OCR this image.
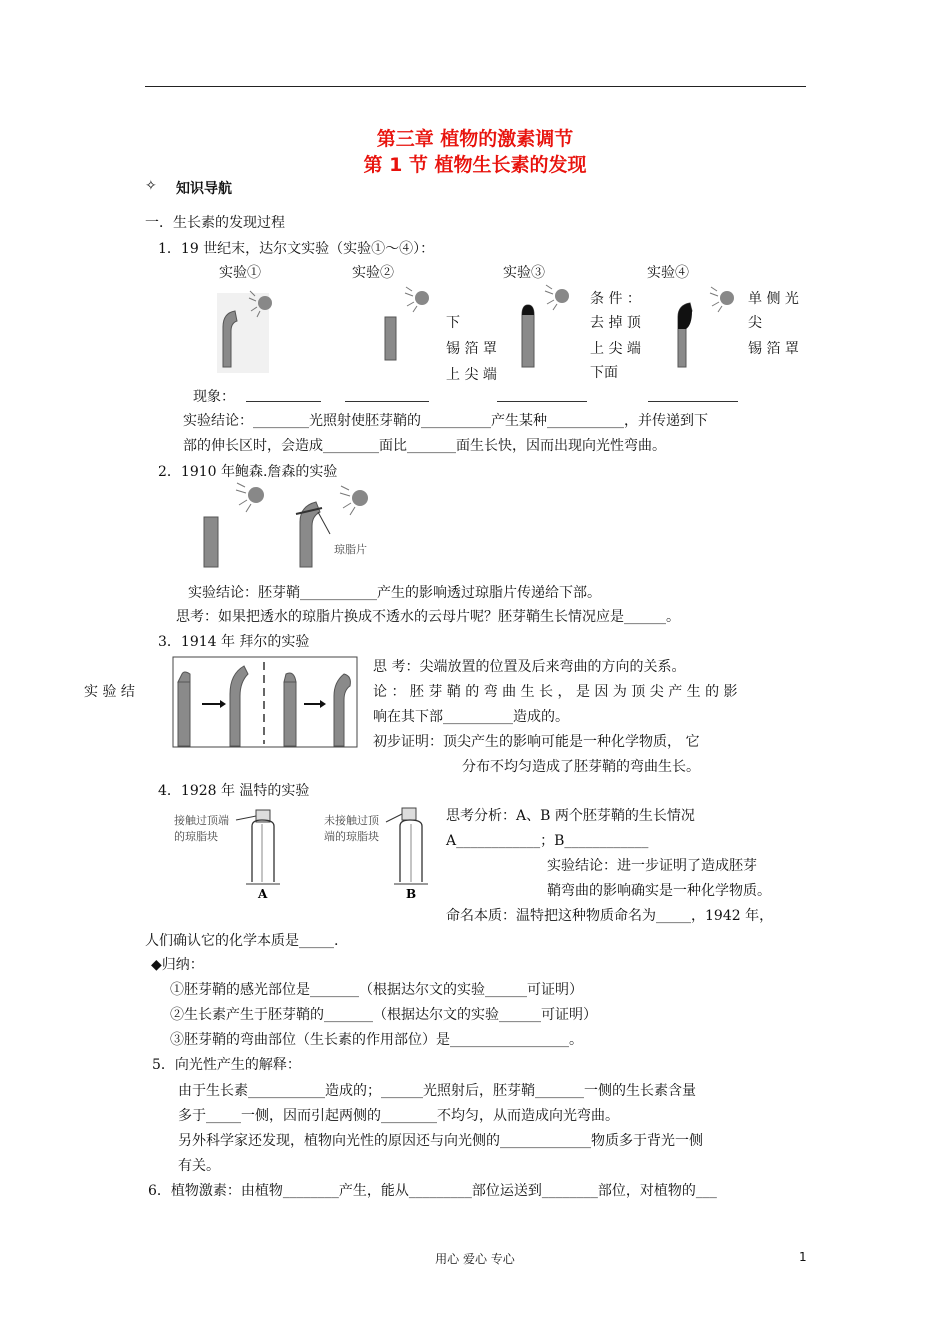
第三章 植物的激素调节
第 1 节 植物生长素的发现
✧ 知识导航
一．生长素的发现过程
1．19 世纪末，达尔文实验（实验①～④）：
实验①	实验②	实验③	实验④
下
锡 箔 罩
上 尖 端
条 件 ：
去 掉 顶
上 尖 端
下面
单 侧 光
尖
锡 箔 罩
现象：
实验结论：________光照射使胚芽鞘的__________产生某种___________，并传递到下
部的伸长区时，会造成________面比_______面生长快，因而出现向光性弯曲。
2．1910 年鲍森.詹森的实验
琼脂片
实验结论：胚芽鞘___________产生的影响透过琼脂片传递给下部。
思考：如果把透水的琼脂片换成不透水的云母片呢？胚芽鞘生长情况应是______。
3．1914 年 拜尔的实验
实 验 结
思 考：尖端放置的位置及后来弯曲的方向的关系。
论 ： 胚 芽 鞘 的 弯 曲 生 长 ， 是 因 为 顶 尖 产 生 的 影
响在其下部__________造成的。
初步证明：顶尖产生的影响可能是一种化学物质， 它
分布不均匀造成了胚芽鞘的弯曲生长。
4．1928 年 温特的实验
接触过顶端
的琼脂块
A
未接触过顶
端的琼脂块
B
思考分析：A、B 两个胚芽鞘的生长情况
A____________；B____________
实验结论：进一步证明了造成胚芽
鞘弯曲的影响确实是一种化学物质。
命名本质：温特把这种物质命名为_____，1942 年，
人们确认它的化学本质是_____.
◆归纳：
①胚芽鞘的感光部位是_______（根据达尔文的实验______可证明）
②生长素产生于胚芽鞘的_______（根据达尔文的实验______可证明）
③胚芽鞘的弯曲部位（生长素的作用部位）是_________________。
5．向光性产生的解释：
由于生长素___________造成的；______光照射后，胚芽鞘_______一侧的生长素含量
多于_____一侧，因而引起两侧的________不均匀，从而造成向光弯曲。
另外科学家还发现，植物向光性的原因还与向光侧的_____________物质多于背光一侧
有关。
6．植物激素：由植物________产生，能从_________部位运送到________部位，对植物的___
用心 爱心 专心	1
